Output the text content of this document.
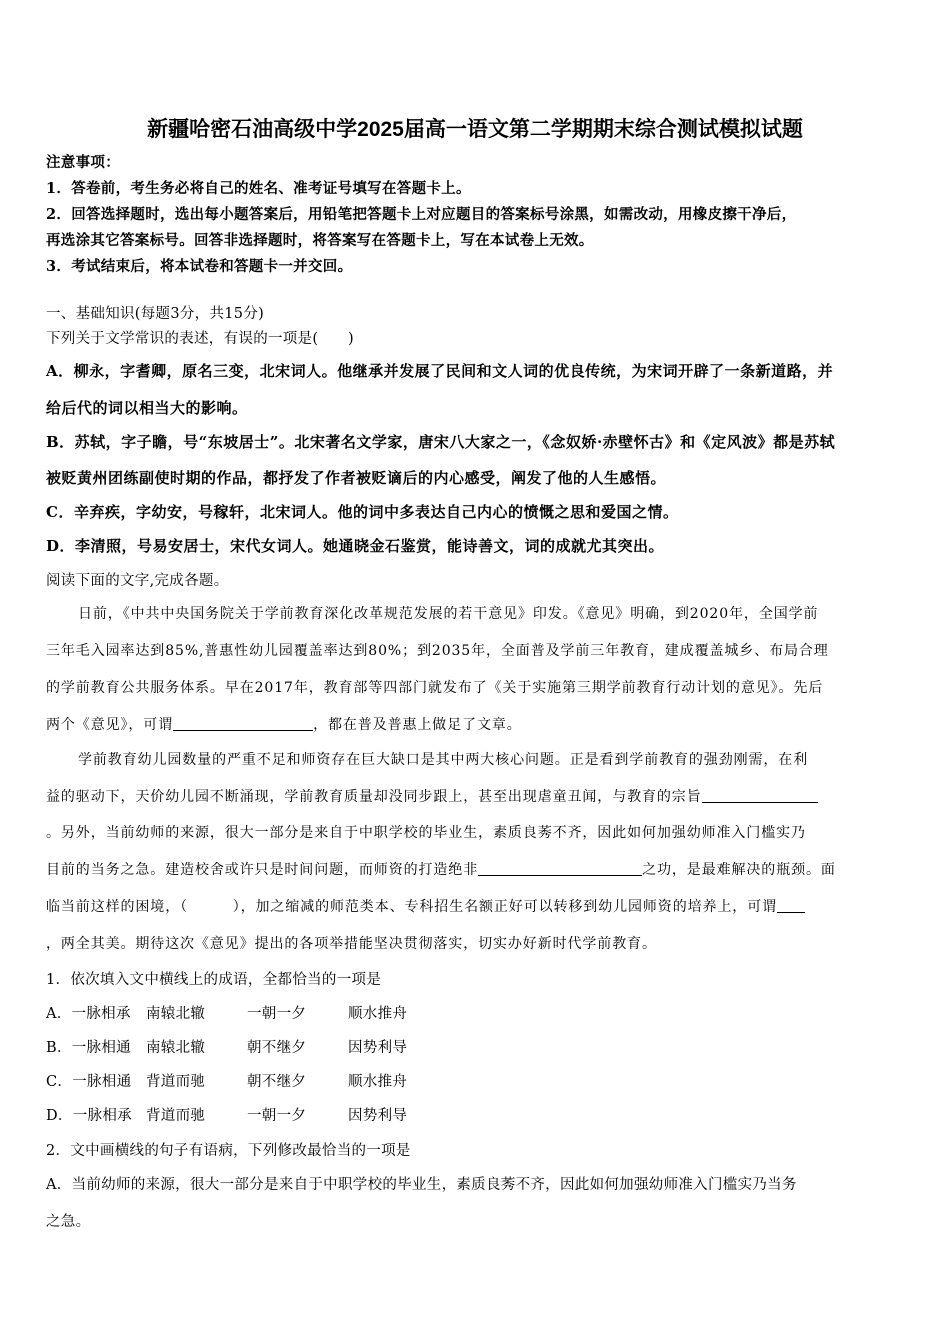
新疆哈密石油高级中学2025届高一语文第二学期期末综合测试模拟试题
注意事项：
1．答卷前，考生务必将自己的姓名、准考证号填写在答题卡上。
2．回答选择题时，选出每小题答案后，用铅笔把答题卡上对应题目的答案标号涂黑，如需改动，用橡皮擦干净后，
再选涂其它答案标号。回答非选择题时，将答案写在答题卡上，写在本试卷上无效。
3．考试结束后，将本试卷和答题卡一并交回。
一、基础知识(每题3分，共15分)
下列关于文学常识的表述，有误的一项是(　　)
A．柳永，字耆卿，原名三变，北宋词人。他继承并发展了民间和文人词的优良传统，为宋词开辟了一条新道路，并
给后代的词以相当大的影响。
B．苏轼，字子瞻，号“东坡居士”。北宋著名文学家，唐宋八大家之一，《念奴娇·赤壁怀古》和《定风波》都是苏轼
被贬黄州团练副使时期的作品，都抒发了作者被贬谪后的内心感受，阐发了他的人生感悟。
C．辛弃疾，字幼安，号稼轩，北宋词人。他的词中多表达自己内心的愤慨之思和爱国之情。
D．李清照，号易安居士，宋代女词人。她通晓金石鉴赏，能诗善文，词的成就尤其突出。
阅读下面的文字,完成各题。
日前，《中共中央国务院关于学前教育深化改革规范发展的若干意见》印发。《意见》明确，到2020年，全国学前
三年毛入园率达到85%,普惠性幼儿园覆盖率达到80%；到2035年，全面普及学前三年教育，建成覆盖城乡、布局合理
的学前教育公共服务体系。早在2017年，教育部等四部门就发布了《关于实施第三期学前教育行动计划的意见》。先后
两个《意见》，可谓	，都在普及普惠上做足了文章。
学前教育幼儿园数量的严重不足和师资存在巨大缺口是其中两大核心问题。正是看到学前教育的强劲刚需，在利
益的驱动下，天价幼儿园不断涌现，学前教育质量却没同步跟上，甚至出现虐童丑闻，与教育的宗旨
。另外，当前幼师的来源，很大一部分是来自于中职学校的毕业生，素质良莠不齐，因此如何加强幼师准入门槛实乃
目前的当务之急。建造校舍或许只是时间问题，而师资的打造绝非	之功，是最难解决的瓶颈。面
临当前这样的困境，（　　　），加之缩减的师范类本、专科招生名额正好可以转移到幼儿园师资的培养上，可谓
，两全其美。期待这次《意见》提出的各项举措能坚决贯彻落实，切实办好新时代学前教育。
1．依次填入文中横线上的成语，全都恰当的一项是
A．一脉相承 南辕北辙	一朝一夕	顺水推舟
B．一脉相通 南辕北辙	朝不继夕	因势利导
C．一脉相通 背道而驰	朝不继夕	顺水推舟
D．一脉相承 背道而驰	一朝一夕	因势利导
2．文中画横线的句子有语病，下列修改最恰当的一项是
A．当前幼师的来源，很大一部分是来自于中职学校的毕业生，素质良莠不齐，因此如何加强幼师准入门槛实乃当务
之急。
